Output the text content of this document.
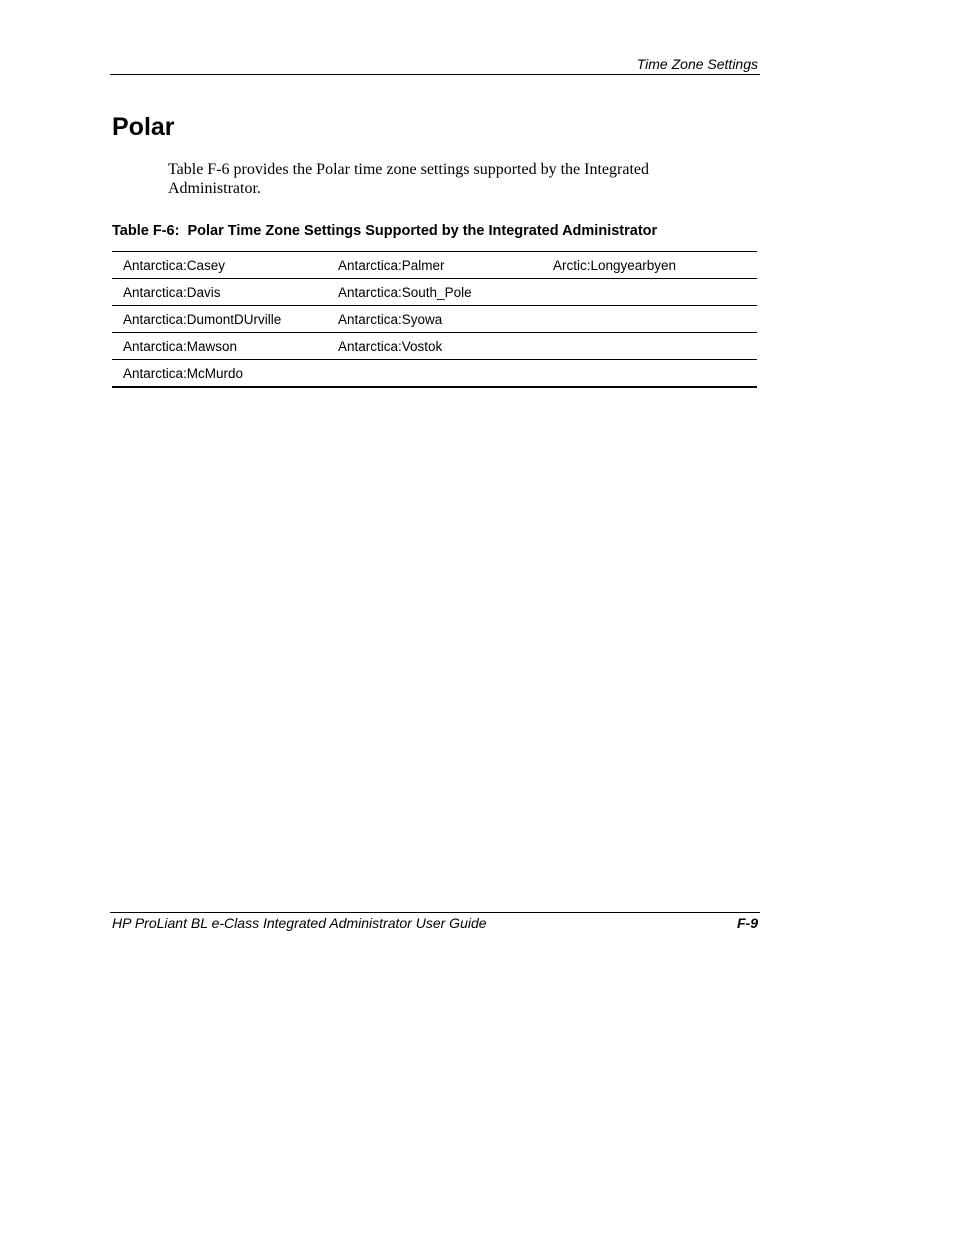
Time Zone Settings
Polar

Table F-6 provides the Polar time zone settings supported by the Integrated Administrator.

Table F-6:  Polar Time Zone Settings Supported by the Integrated Administrator

Antarctica:Casey	Antarctica:Palmer	Arctic:Longyearbyen
Antarctica:Davis	Antarctica:South_Pole	
Antarctica:DumontDUrville	Antarctica:Syowa	
Antarctica:Mawson	Antarctica:Vostok	
Antarctica:McMurdo		
HP ProLiant BL e-Class Integrated Administrator User Guide	F-9
